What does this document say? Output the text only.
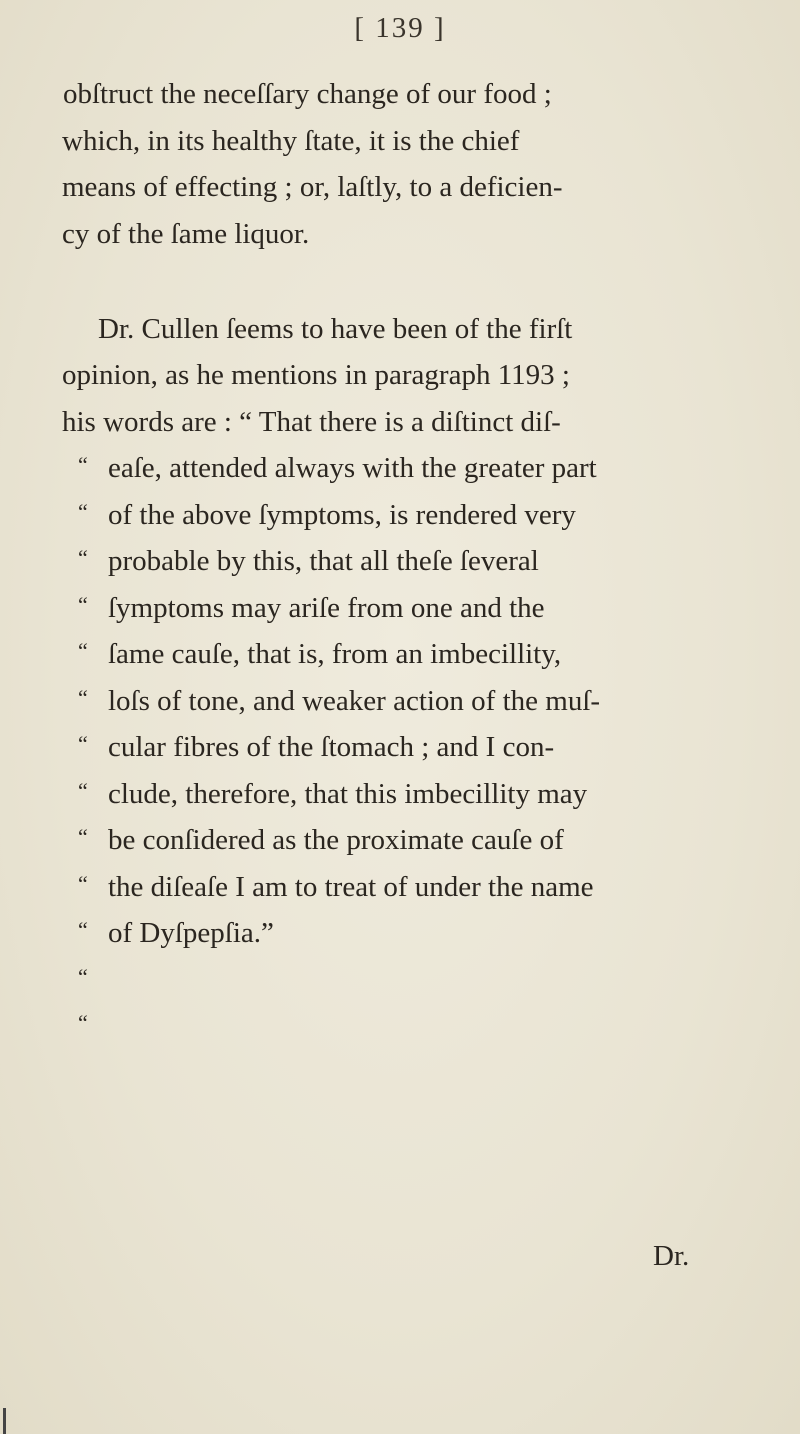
[ 139 ]
obſtruct the neceſſary change of our food ;
which, in its healthy ſtate, it is the chief
means of effecting ; or, laſtly, to a deficien-
cy of the ſame liquor.
Dr. Cullen ſeems to have been of the firſt
opinion, as he mentions in paragraph 1193 ;
his words are : “ That there is a diſtinct diſ-
“ eaſe, attended always with the greater part
“ of the above ſymptoms, is rendered very
“ probable by this, that all theſe ſeveral
“ ſymptoms may ariſe from one and the
“ ſame cauſe, that is, from an imbecillity,
“ loſs of tone, and weaker action of the muſ-
“ cular fibres of the ſtomach ; and I con-
“ clude, therefore, that this imbecillity may
“ be conſidered as the proximate cauſe of
“ the diſeaſe I am to treat of under the name
“ of Dyſpepſia.”
“
“
Dr.
